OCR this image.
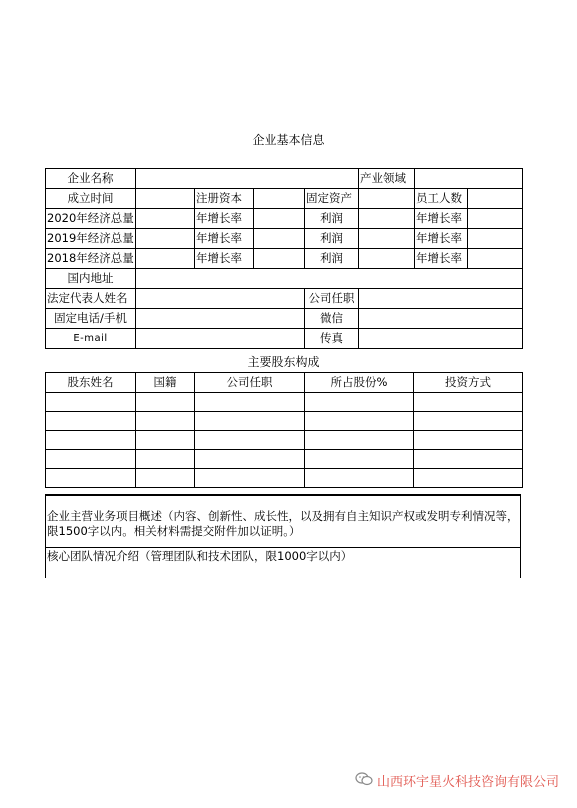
企业基本信息
企业名称					产业领域		
成立时间		注册资本		固定资产		员工人数	
2020年经济总量		年增长率		利润		年增长率	
2019年经济总量		年增长率		利润		年增长率	
2018年经济总量		年增长率		利润		年增长率	
国内地址							
法定代表人姓名				公司任职			
固定电话/手机				微信			
E-mail				传真			
主要股东构成
股东姓名	国籍	公司任职	所占股份%	投资方式

企业主营业务项目概述（内容、创新性、成长性，以及拥有自主知识产权或发明专利情况等，限1500字以内。相关材料需提交附件加以证明。）
核心团队情况介绍（管理团队和技术团队，限1000字以内）
山西环宇星火科技咨询有限公司
